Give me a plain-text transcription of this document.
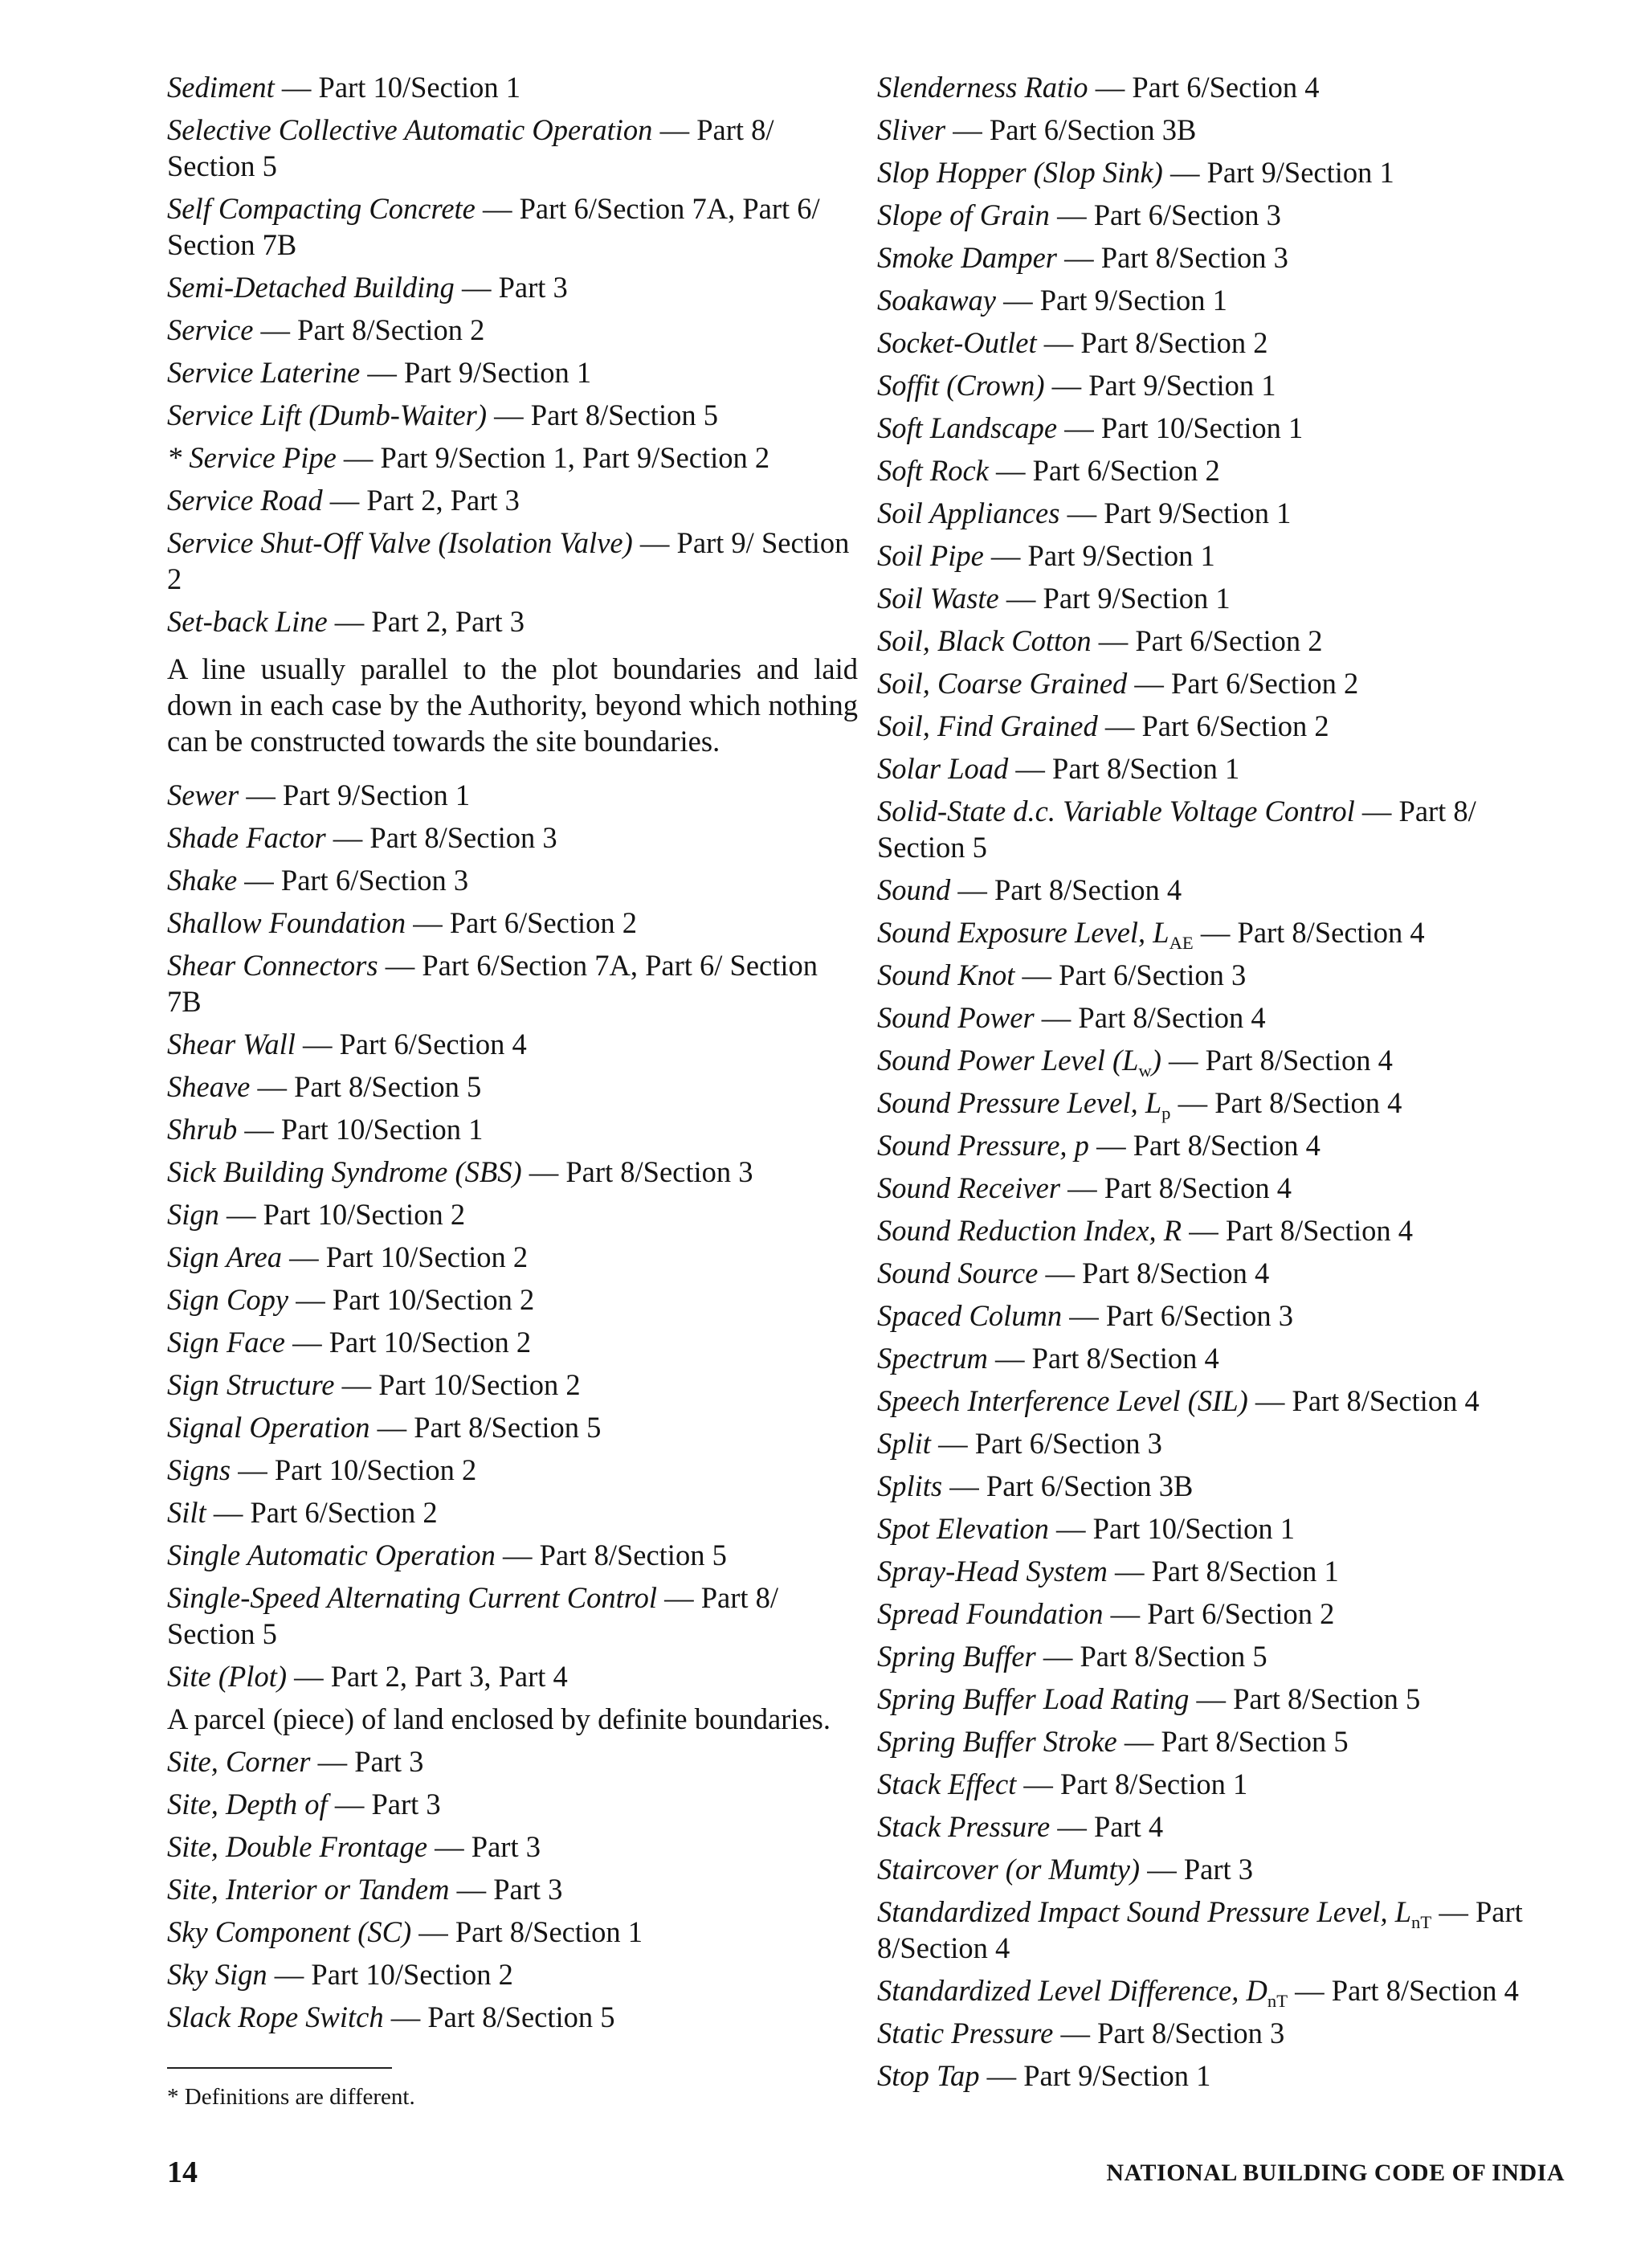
Sediment — Part 10/Section 1
Selective Collective Automatic Operation — Part 8/ Section 5
Self Compacting Concrete — Part 6/Section 7A, Part 6/ Section 7B
Semi-Detached Building — Part 3
Service — Part 8/Section 2
Service Laterine — Part 9/Section 1
Service Lift (Dumb-Waiter) — Part 8/Section 5
* Service Pipe — Part 9/Section 1, Part 9/Section 2
Service Road — Part 2, Part 3
Service Shut-Off Valve (Isolation Valve) — Part 9/ Section 2
Set-back Line — Part 2, Part 3

A line usually parallel to the plot boundaries and laid down in each case by the Authority, beyond which nothing can be constructed towards the site boundaries.

Sewer — Part 9/Section 1
Shade Factor — Part 8/Section 3
Shake — Part 6/Section 3
Shallow Foundation — Part 6/Section 2
Shear Connectors — Part 6/Section 7A, Part 6/ Section 7B
Shear Wall — Part 6/Section 4
Sheave — Part 8/Section 5
Shrub — Part 10/Section 1
Sick Building Syndrome (SBS) — Part 8/Section 3
Sign — Part 10/Section 2
Sign Area — Part 10/Section 2
Sign Copy — Part 10/Section 2
Sign Face — Part 10/Section 2
Sign Structure — Part 10/Section 2
Signal Operation — Part 8/Section 5
Signs — Part 10/Section 2
Silt — Part 6/Section 2
Single Automatic Operation — Part 8/Section 5
Single-Speed Alternating Current Control — Part 8/ Section 5
Site (Plot) — Part 2, Part 3, Part 4

A parcel (piece) of land enclosed by definite boundaries.

Site, Corner — Part 3
Site, Depth of — Part 3
Site, Double Frontage — Part 3
Site, Interior or Tandem — Part 3
Sky Component (SC) — Part 8/Section 1
Sky Sign — Part 10/Section 2
Slack Rope Switch — Part 8/Section 5
Slenderness Ratio — Part 6/Section 4
Sliver — Part 6/Section 3B
Slop Hopper (Slop Sink) — Part 9/Section 1
Slope of Grain — Part 6/Section 3
Smoke Damper — Part 8/Section 3
Soakaway — Part 9/Section 1
Socket-Outlet — Part 8/Section 2
Soffit (Crown) — Part 9/Section 1
Soft Landscape — Part 10/Section 1
Soft Rock — Part 6/Section 2
Soil Appliances — Part 9/Section 1
Soil Pipe — Part 9/Section 1
Soil Waste — Part 9/Section 1
Soil, Black Cotton — Part 6/Section 2
Soil, Coarse Grained — Part 6/Section 2
Soil, Find Grained — Part 6/Section 2
Solar Load — Part 8/Section 1
Solid-State d.c. Variable Voltage Control — Part 8/ Section 5
Sound — Part 8/Section 4
Sound Exposure Level, $L_{AE}$ — Part 8/Section 4
Sound Knot — Part 6/Section 3
Sound Power — Part 8/Section 4
Sound Power Level $(L_w)$ — Part 8/Section 4
Sound Pressure Level, $L_p$ — Part 8/Section 4
Sound Pressure, p — Part 8/Section 4
Sound Receiver — Part 8/Section 4
Sound Reduction Index, R — Part 8/Section 4
Sound Source — Part 8/Section 4
Spaced Column — Part 6/Section 3
Spectrum — Part 8/Section 4
Speech Interference Level (SIL) — Part 8/Section 4
Split — Part 6/Section 3
Splits — Part 6/Section 3B
Spot Elevation — Part 10/Section 1
Spray-Head System — Part 8/Section 1
Spread Foundation — Part 6/Section 2
Spring Buffer — Part 8/Section 5
Spring Buffer Load Rating — Part 8/Section 5
Spring Buffer Stroke — Part 8/Section 5
Stack Effect — Part 8/Section 1
Stack Pressure — Part 4
Staircover (or Mumty) — Part 3
Standardized Impact Sound Pressure Level, $L_{nT}$ — Part 8/Section 4
Standardized Level Difference, $D_{nT}$ — Part 8/Section 4
Static Pressure — Part 8/Section 3
Stop Tap — Part 9/Section 1
* Definitions are different.
14	NATIONAL BUILDING CODE OF INDIA
